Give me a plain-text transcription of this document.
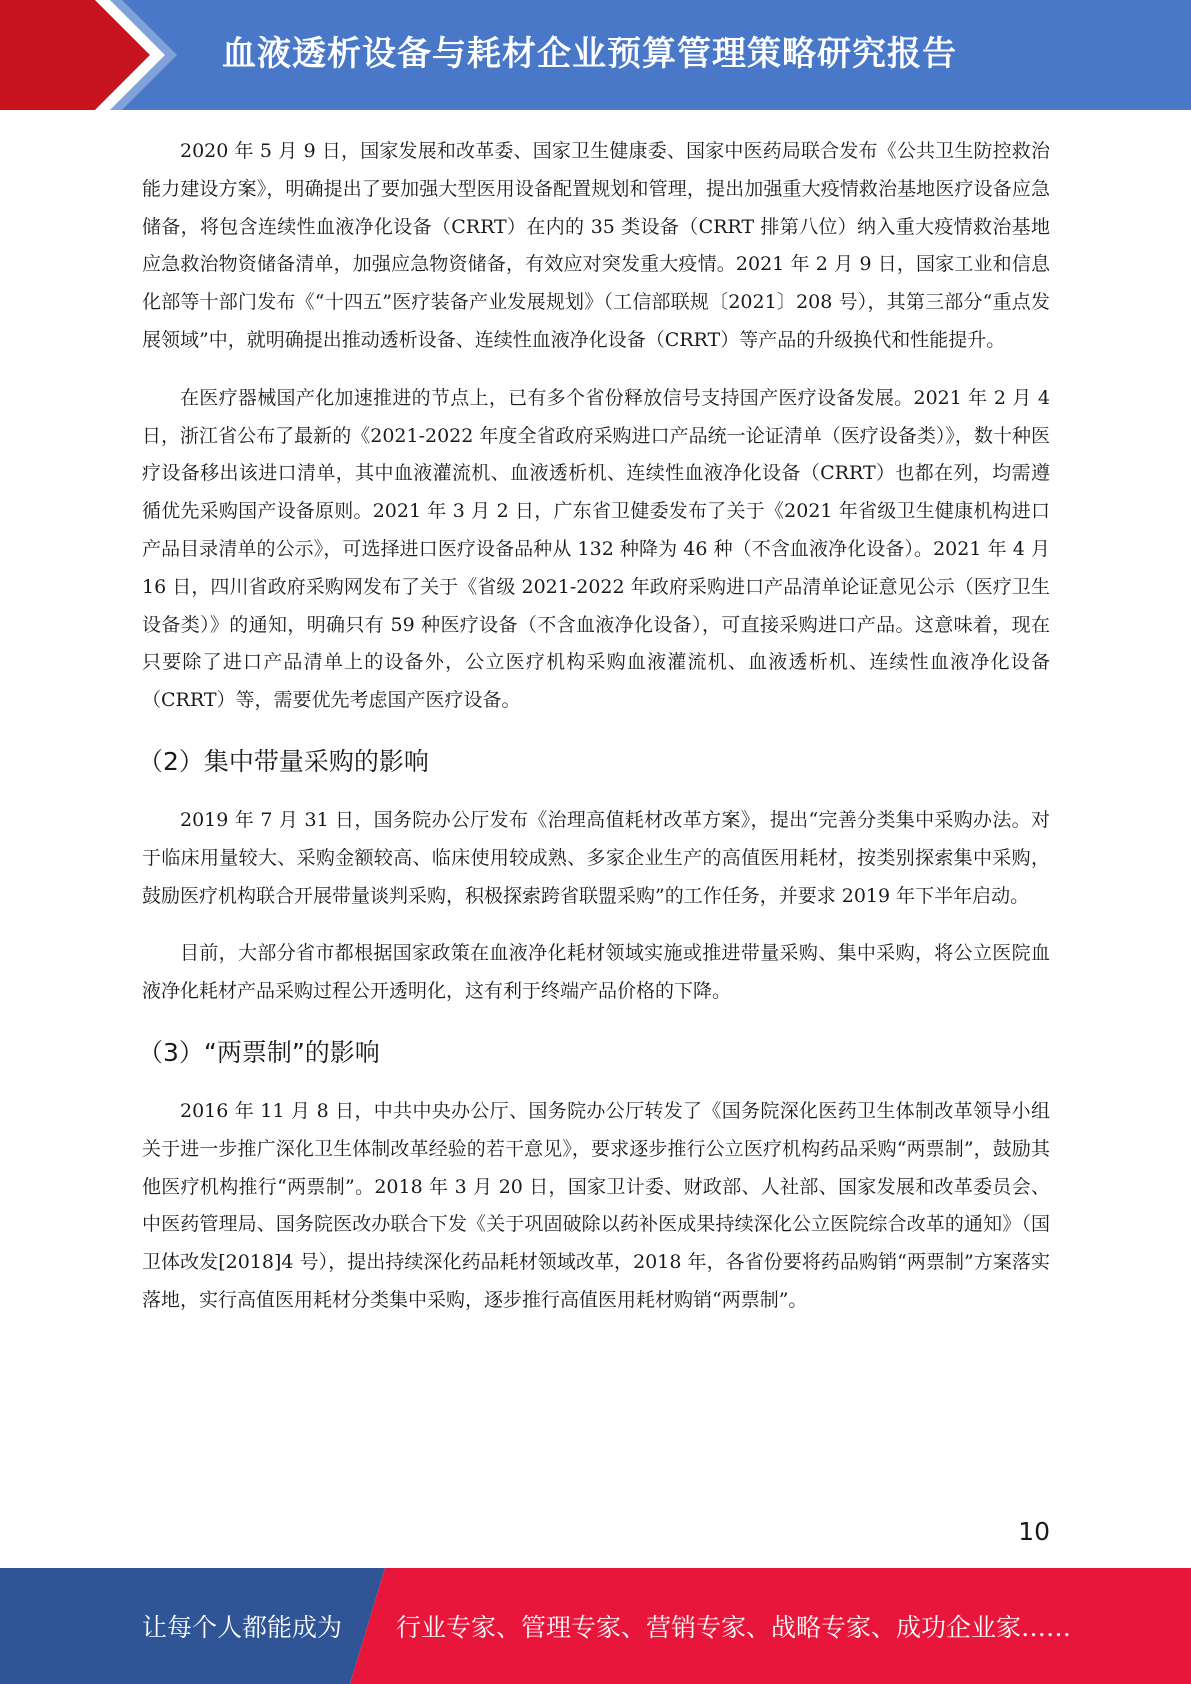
血液透析设备与耗材企业预算管理策略研究报告

2020 年 5 月 9 日，国家发展和改革委、国家卫生健康委、国家中医药局联合发布《公共卫生防控救治能力建设方案》，明确提出了要加强大型医用设备配置规划和管理，提出加强重大疫情救治基地医疗设备应急储备，将包含连续性血液净化设备（CRRT）在内的 35 类设备（CRRT 排第八位）纳入重大疫情救治基地应急救治物资储备清单，加强应急物资储备，有效应对突发重大疫情。2021 年 2 月 9 日，国家工业和信息化部等十部门发布《“十四五”医疗装备产业发展规划》（工信部联规〔2021〕208 号），其第三部分“重点发展领域”中，就明确提出推动透析设备、连续性血液净化设备（CRRT）等产品的升级换代和性能提升。

在医疗器械国产化加速推进的节点上，已有多个省份释放信号支持国产医疗设备发展。2021 年 2 月 4 日，浙江省公布了最新的《2021-2022 年度全省政府采购进口产品统一论证清单（医疗设备类）》，数十种医疗设备移出该进口清单，其中血液灌流机、血液透析机、连续性血液净化设备（CRRT）也都在列，均需遵循优先采购国产设备原则。2021 年 3 月 2 日，广东省卫健委发布了关于《2021 年省级卫生健康机构进口产品目录清单的公示》，可选择进口医疗设备品种从 132 种降为 46 种（不含血液净化设备）。2021 年 4 月 16 日，四川省政府采购网发布了关于《省级 2021-2022 年政府采购进口产品清单论证意见公示（医疗卫生设备类）》的通知，明确只有 59 种医疗设备（不含血液净化设备），可直接采购进口产品。这意味着，现在只要除了进口产品清单上的设备外，公立医疗机构采购血液灌流机、血液透析机、连续性血液净化设备（CRRT）等，需要优先考虑国产医疗设备。

（2）集中带量采购的影响

2019 年 7 月 31 日，国务院办公厅发布《治理高值耗材改革方案》，提出“完善分类集中采购办法。对于临床用量较大、采购金额较高、临床使用较成熟、多家企业生产的高值医用耗材，按类别探索集中采购，鼓励医疗机构联合开展带量谈判采购，积极探索跨省联盟采购”的工作任务，并要求 2019 年下半年启动。

目前，大部分省市都根据国家政策在血液净化耗材领域实施或推进带量采购、集中采购，将公立医院血液净化耗材产品采购过程公开透明化，这有利于终端产品价格的下降。

（3）“两票制”的影响

2016 年 11 月 8 日，中共中央办公厅、国务院办公厅转发了《国务院深化医药卫生体制改革领导小组关于进一步推广深化卫生体制改革经验的若干意见》，要求逐步推行公立医疗机构药品采购“两票制”，鼓励其他医疗机构推行“两票制”。2018 年 3 月 20 日，国家卫计委、财政部、人社部、国家发展和改革委员会、中医药管理局、国务院医改办联合下发《关于巩固破除以药补医成果持续深化公立医院综合改革的通知》（国卫体改发[2018]4 号），提出持续深化药品耗材领域改革，2018 年，各省份要将药品购销“两票制”方案落实落地，实行高值医用耗材分类集中采购，逐步推行高值医用耗材购销“两票制”。

10
让每个人都能成为 行业专家、管理专家、营销专家、战略专家、成功企业家……
